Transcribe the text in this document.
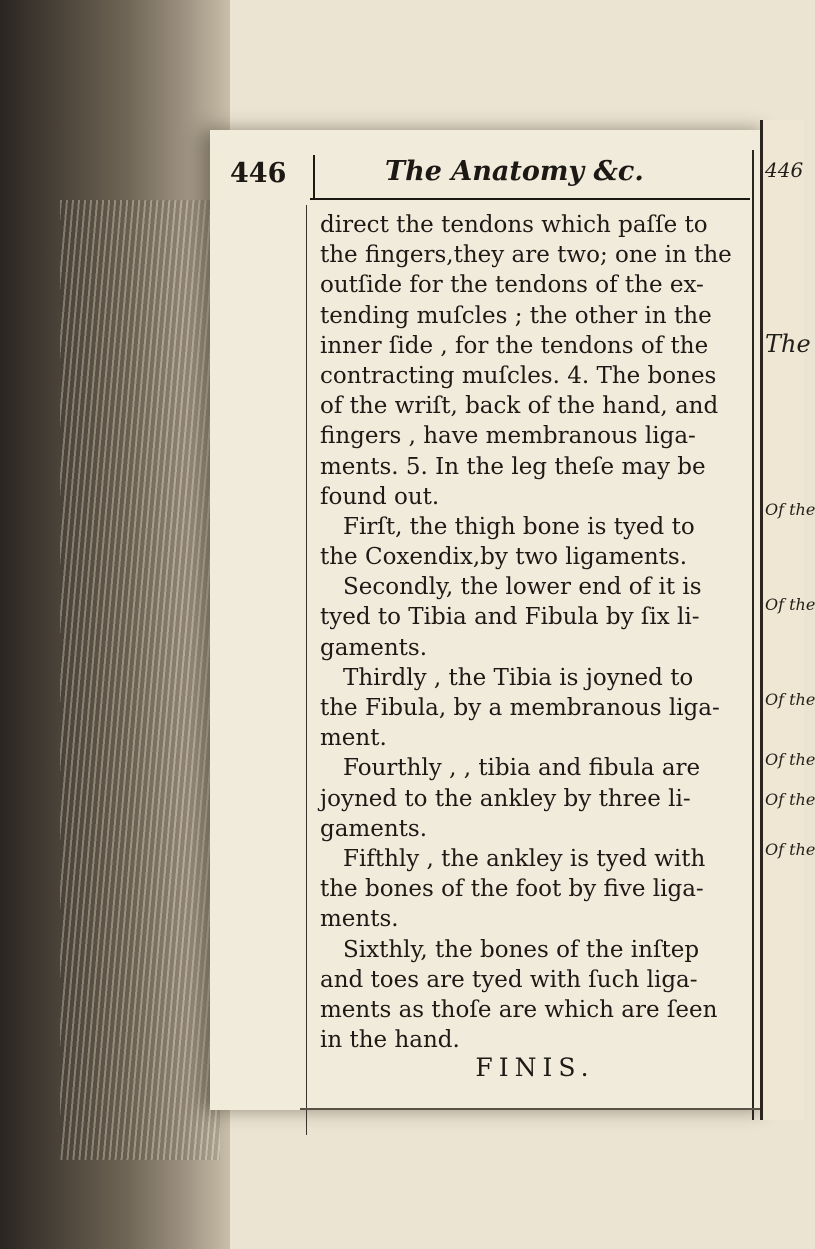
446	The Anatomy &c.
direct the tendons which paſſe to
the fingers,they are two; one in the
outſide for the tendons of the ex-
tending muſcles ; the other in the
inner ſide , for the tendons of the
contracting muſcles. 4. The bones
of the wriſt, back of the hand, and
fingers , have membranous liga-
ments. 5. In the leg theſe may be
found out.
Firſt, the thigh bone is tyed to
the Coxendix,by two ligaments.
Secondly, the lower end of it is
tyed to Tibia and Fibula by ſix li-
gaments.
Thirdly , the Tibia is joyned to
the Fibula, by a membranous liga-
ment.
Fourthly , , tibia and fibula are
joyned to the ankley by three li-
gaments.
Fifthly , the ankley is tyed with
the bones of the foot by five liga-
ments.
Sixthly, the bones of the inſtep
and toes are tyed with ſuch liga-
ments as thoſe are which are ſeen
in the hand.
FINIS.
446
The
Of the
Of the
Of the
Of the
Of the
Of the
